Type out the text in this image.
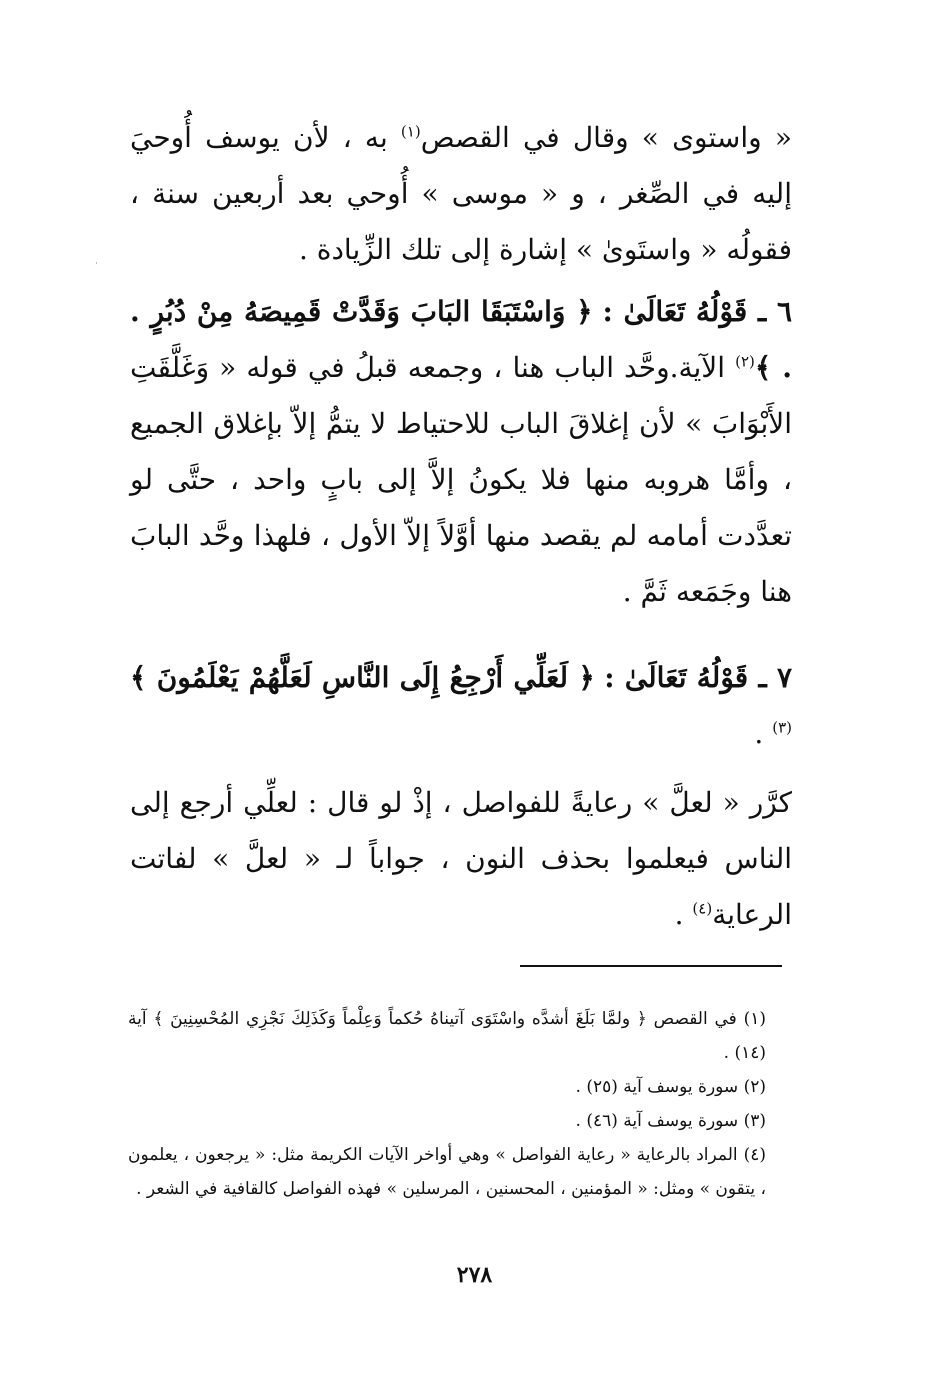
« واستوى » وقال في القصص$^{(١)}$ به ، لأن يوسف أُوحيَ إليه في الصِّغر ، و « موسى » أُوحي بعد أربعين سنة ، فقولُه « واستَوىٰ » إشارة إلى تلك الزِّيادة .

٦ ـ قَوْلُهُ تَعَالَىٰ : ﴿ وَاسْتَبَقَا البَابَ وَقَدَّتْ قَمِيصَهُ مِنْ دُبُرٍ . . ﴾$^{(٢)}$ الآية.وحَّد الباب هنا ، وجمعه قبلُ في قوله « وَغَلَّقَتِ الأَبْوَابَ » لأن إغلاقَ الباب للاحتياط لا يتمُّ إلاّ بإغلاق الجميع ، وأمَّا هروبه منها فلا يكونُ إلاَّ إلى بابٍ واحد ، حتَّى لو تعدَّدت أمامه لم يقصد منها أوَّلاً إلاّ الأول ، فلهذا وحَّد البابَ هنا وجَمَعه ثَمَّ .

٧ ـ قَوْلُهُ تَعَالَىٰ : ﴿ لَعَلِّي أَرْجِعُ إِلَى النَّاسِ لَعَلَّهُمْ يَعْلَمُونَ ﴾$^{(٣)}$ .

كرَّر « لعلَّ » رعايةً للفواصل ، إذْ لو قال : لعلِّي أرجع إلى الناس فيعلموا بحذف النون ، جواباً لـ « لعلَّ » لفاتت الرعاية$^{(٤)}$ .

(١) في القصص ﴿ ولمَّا بَلَغَ أشدَّه واسْتَوَى آتيناهُ حُكماً وَعِلْماً وَكَذَلِكَ نَجْزِي المُحْسِنِينَ ﴾ آية (١٤) .

(٢) سورة يوسف آية (٢٥) .

(٣) سورة يوسف آية (٤٦) .

(٤) المراد بالرعاية « رعاية الفواصل » وهي أواخر الآيات الكريمة مثل: « يرجعون ، يعلمون ، يتقون » ومثل: « المؤمنين ، المحسنين ، المرسلين » فهذه الفواصل كالقافية في الشعر .

٢٧٨
